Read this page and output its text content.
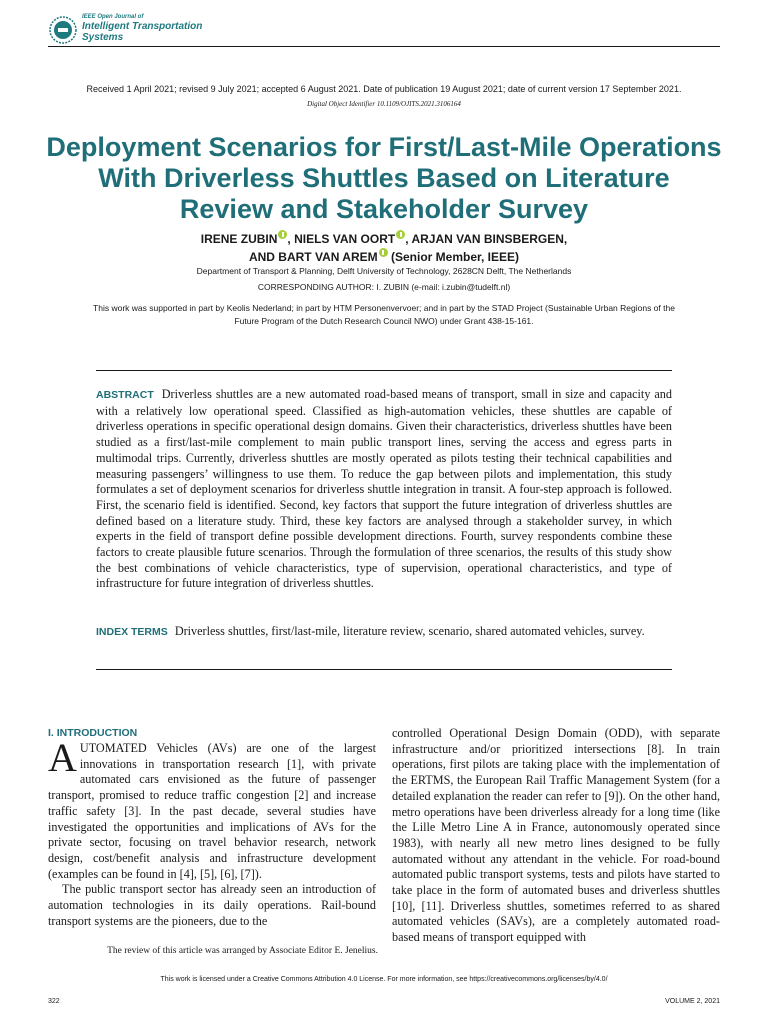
IEEE Open Journal of
Intelligent Transportation
Systems
Received 1 April 2021; revised 9 July 2021; accepted 6 August 2021. Date of publication 19 August 2021; date of current version 17 September 2021.
Digital Object Identifier 10.1109/OJITS.2021.3106164
Deployment Scenarios for First/Last-Mile Operations
With Driverless Shuttles Based on Literature
Review and Stakeholder Survey
IRENE ZUBIN , NIELS VAN OORT , ARJAN VAN BINSBERGEN,
AND BART VAN AREM (Senior Member, IEEE)
Department of Transport & Planning, Delft University of Technology, 2628CN Delft, The Netherlands
CORRESPONDING AUTHOR: I. ZUBIN (e-mail: i.zubin@tudelft.nl)
This work was supported in part by Keolis Nederland; in part by HTM Personenvervoer; and in part by the STAD Project (Sustainable Urban Regions of the Future Program of the Dutch Research Council NWO) under Grant 438-15-161.
ABSTRACT Driverless shuttles are a new automated road-based means of transport, small in size and capacity and with a relatively low operational speed. Classified as high-automation vehicles, these shuttles are capable of driverless operations in specific operational design domains. Given their characteristics, driverless shuttles have been studied as a first/last-mile complement to main public transport lines, serving the access and egress parts in multimodal trips. Currently, driverless shuttles are mostly operated as pilots testing their technical capabilities and measuring passengers’ willingness to use them. To reduce the gap between pilots and implementation, this study formulates a set of deployment scenarios for driverless shuttle integration in transit. A four-step approach is followed. First, the scenario field is identified. Second, key factors that support the future integration of driverless shuttles are defined based on a literature study. Third, these key factors are analysed through a stakeholder survey, in which experts in the field of transport define possible development directions. Fourth, survey respondents combine these factors to create plausible future scenarios. Through the formulation of three scenarios, the results of this study show the best combinations of vehicle characteristics, type of supervision, operational characteristics, and type of infrastructure for future integration of driverless shuttles.
INDEX TERMS Driverless shuttles, first/last-mile, literature review, scenario, shared automated vehicles, survey.
I. INTRODUCTION

AUTOMATED Vehicles (AVs) are one of the largest innovations in transportation research [1], with private automated cars envisioned as the future of passenger transport, promised to reduce traffic congestion [2] and increase traffic safety [3]. In the past decade, several studies have investigated the opportunities and implications of AVs for the private sector, focusing on travel behavior research, network design, cost/benefit analysis and infrastructure development (examples can be found in [4], [5], [6], [7]).

The public transport sector has already seen an introduction of automation technologies in its daily operations. Rail-bound transport systems are the pioneers, due to the

The review of this article was arranged by Associate Editor E. Jenelius.

controlled Operational Design Domain (ODD), with separate infrastructure and/or prioritized intersections [8]. In train operations, first pilots are taking place with the implementation of the ERTMS, the European Rail Traffic Management System (for a detailed explanation the reader can refer to [9]). On the other hand, metro operations have been driverless already for a long time (like the Lille Metro Line A in France, autonomously operated since 1983), with nearly all new metro lines designed to be fully automated without any attendant in the vehicle. For road-bound automated public transport systems, tests and pilots have started to take place in the form of automated buses and driverless shuttles [10], [11]. Driverless shuttles, sometimes referred to as shared automated vehicles (SAVs), are a completely automated road-based means of transport equipped with

This work is licensed under a Creative Commons Attribution 4.0 License. For more information, see https://creativecommons.org/licenses/by/4.0/
322	VOLUME 2, 2021
